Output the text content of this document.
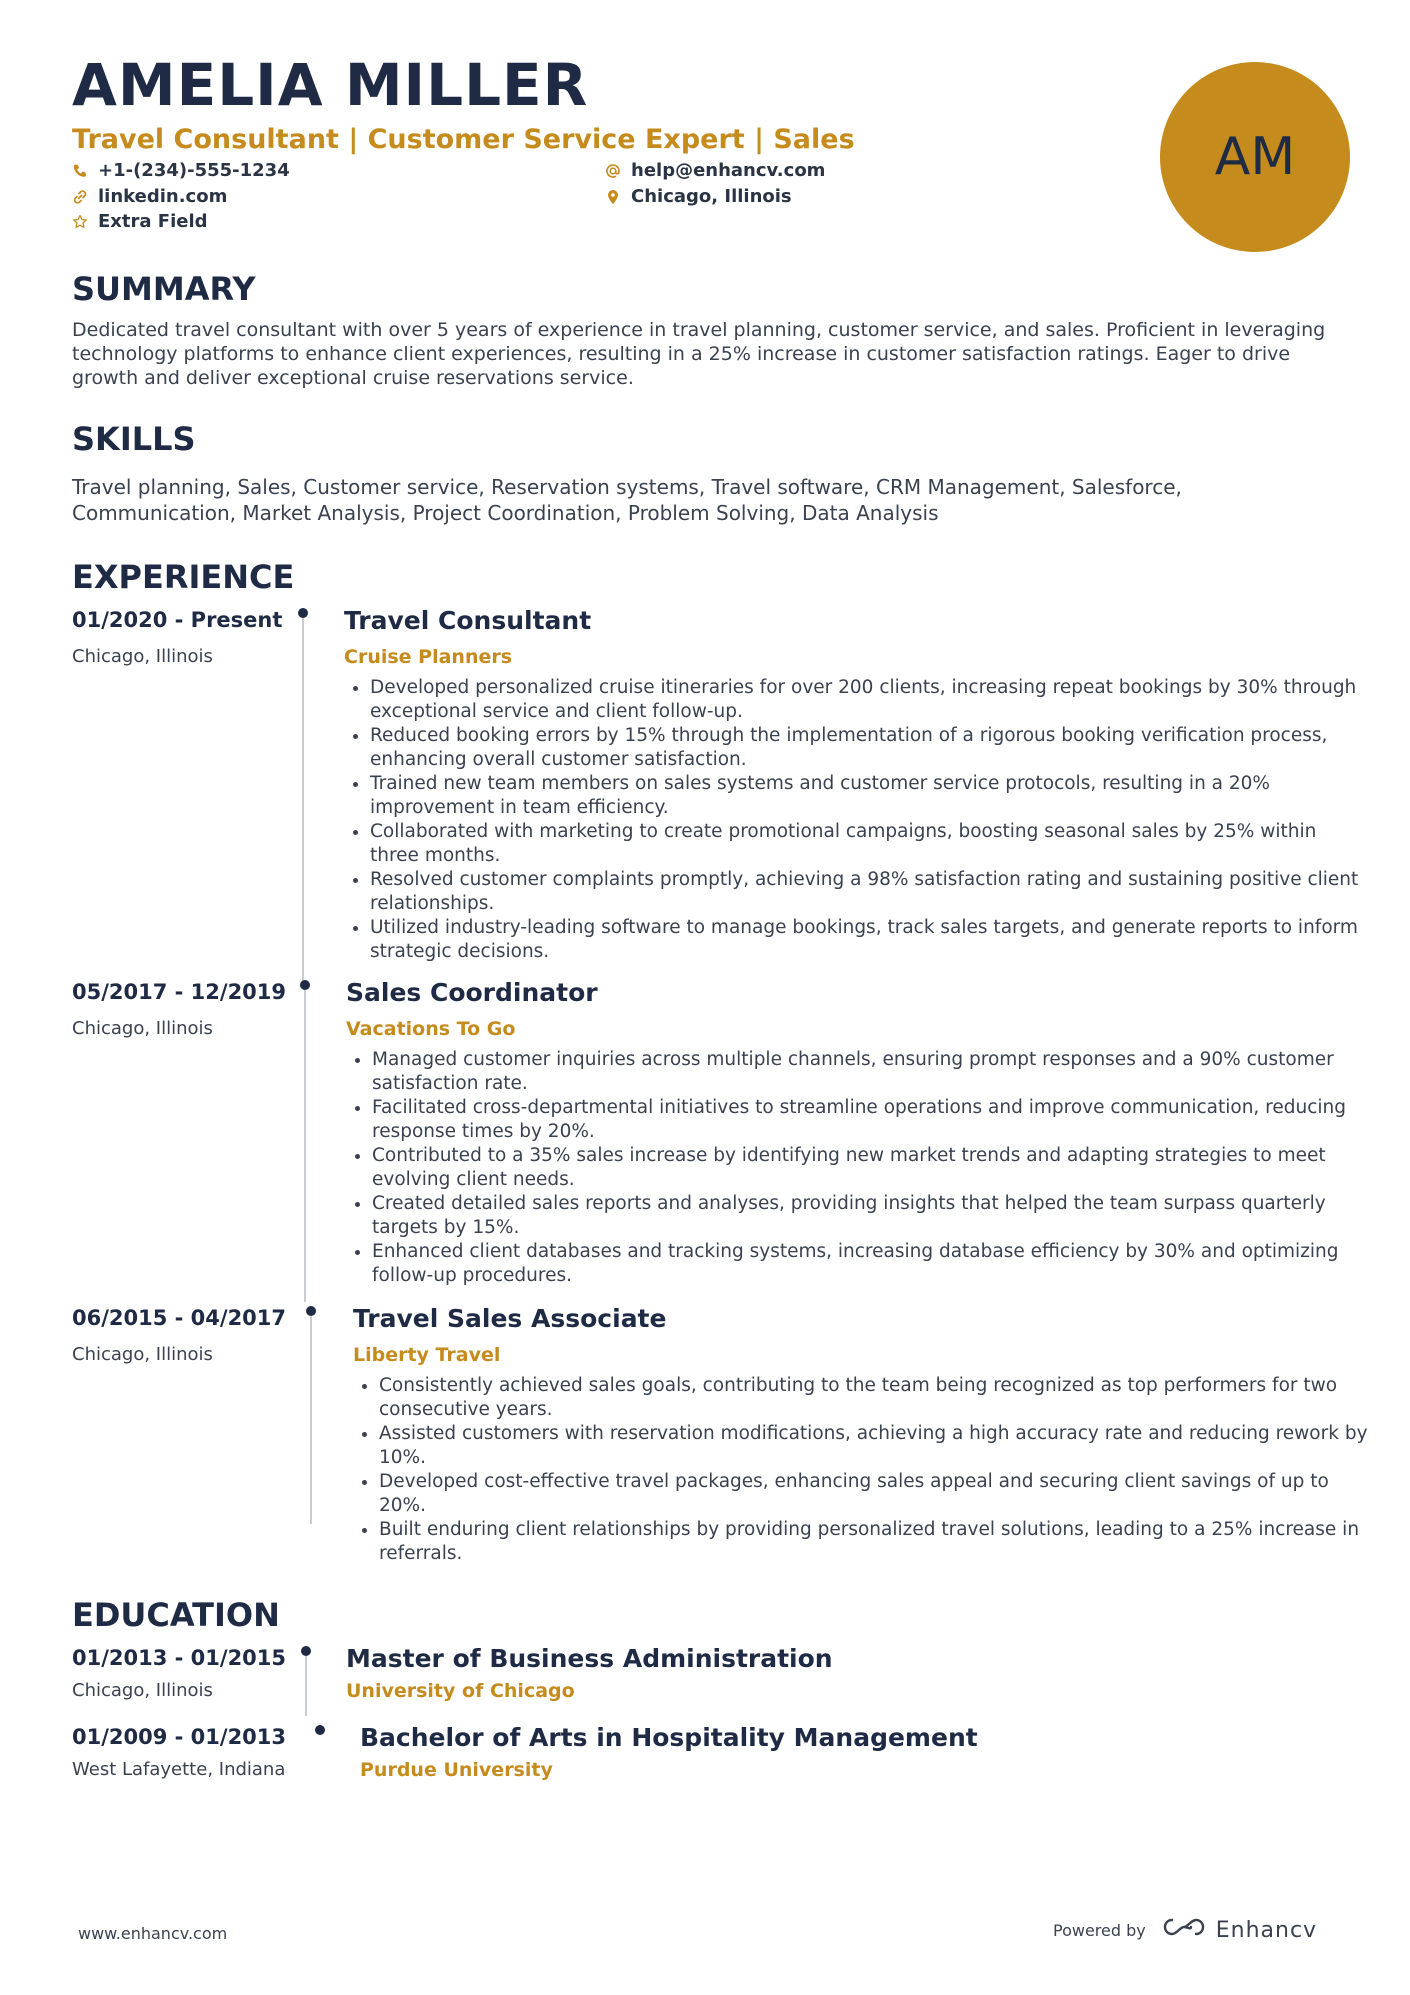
AMELIA MILLER

Travel Consultant | Customer Service Expert | Sales

+1-(234)-555-1234	help@enhancv.com
linkedin.com	Chicago, Illinois
Extra Field
AM
SUMMARY

Dedicated travel consultant with over 5 years of experience in travel planning, customer service, and sales. Proficient in leveraging technology platforms to enhance client experiences, resulting in a 25% increase in customer satisfaction ratings. Eager to drive growth and deliver exceptional cruise reservations service.

SKILLS

Travel planning, Sales, Customer service, Reservation systems, Travel software, CRM Management, Salesforce, Communication, Market Analysis, Project Coordination, Problem Solving, Data Analysis

EXPERIENCE
01/2020 - Present
Chicago, Illinois
Travel Consultant
Cruise Planners
• Developed personalized cruise itineraries for over 200 clients, increasing repeat bookings by 30% through exceptional service and client follow-up.
• Reduced booking errors by 15% through the implementation of a rigorous booking verification process, enhancing overall customer satisfaction.
• Trained new team members on sales systems and customer service protocols, resulting in a 20% improvement in team efficiency.
• Collaborated with marketing to create promotional campaigns, boosting seasonal sales by 25% within three months.
• Resolved customer complaints promptly, achieving a 98% satisfaction rating and sustaining positive client relationships.
• Utilized industry-leading software to manage bookings, track sales targets, and generate reports to inform strategic decisions.
05/2017 - 12/2019
Chicago, Illinois
Sales Coordinator
Vacations To Go
• Managed customer inquiries across multiple channels, ensuring prompt responses and a 90% customer satisfaction rate.
• Facilitated cross-departmental initiatives to streamline operations and improve communication, reducing response times by 20%.
• Contributed to a 35% sales increase by identifying new market trends and adapting strategies to meet evolving client needs.
• Created detailed sales reports and analyses, providing insights that helped the team surpass quarterly targets by 15%.
• Enhanced client databases and tracking systems, increasing database efficiency by 30% and optimizing follow-up procedures.
06/2015 - 04/2017
Chicago, Illinois
Travel Sales Associate
Liberty Travel
• Consistently achieved sales goals, contributing to the team being recognized as top performers for two consecutive years.
• Assisted customers with reservation modifications, achieving a high accuracy rate and reducing rework by 10%.
• Developed cost-effective travel packages, enhancing sales appeal and securing client savings of up to 20%.
• Built enduring client relationships by providing personalized travel solutions, leading to a 25% increase in referrals.
EDUCATION
01/2013 - 01/2015
Chicago, Illinois
Master of Business Administration
University of Chicago
01/2009 - 01/2013
West Lafayette, Indiana
Bachelor of Arts in Hospitality Management
Purdue University
www.enhancv.com	Powered by	Enhancv
